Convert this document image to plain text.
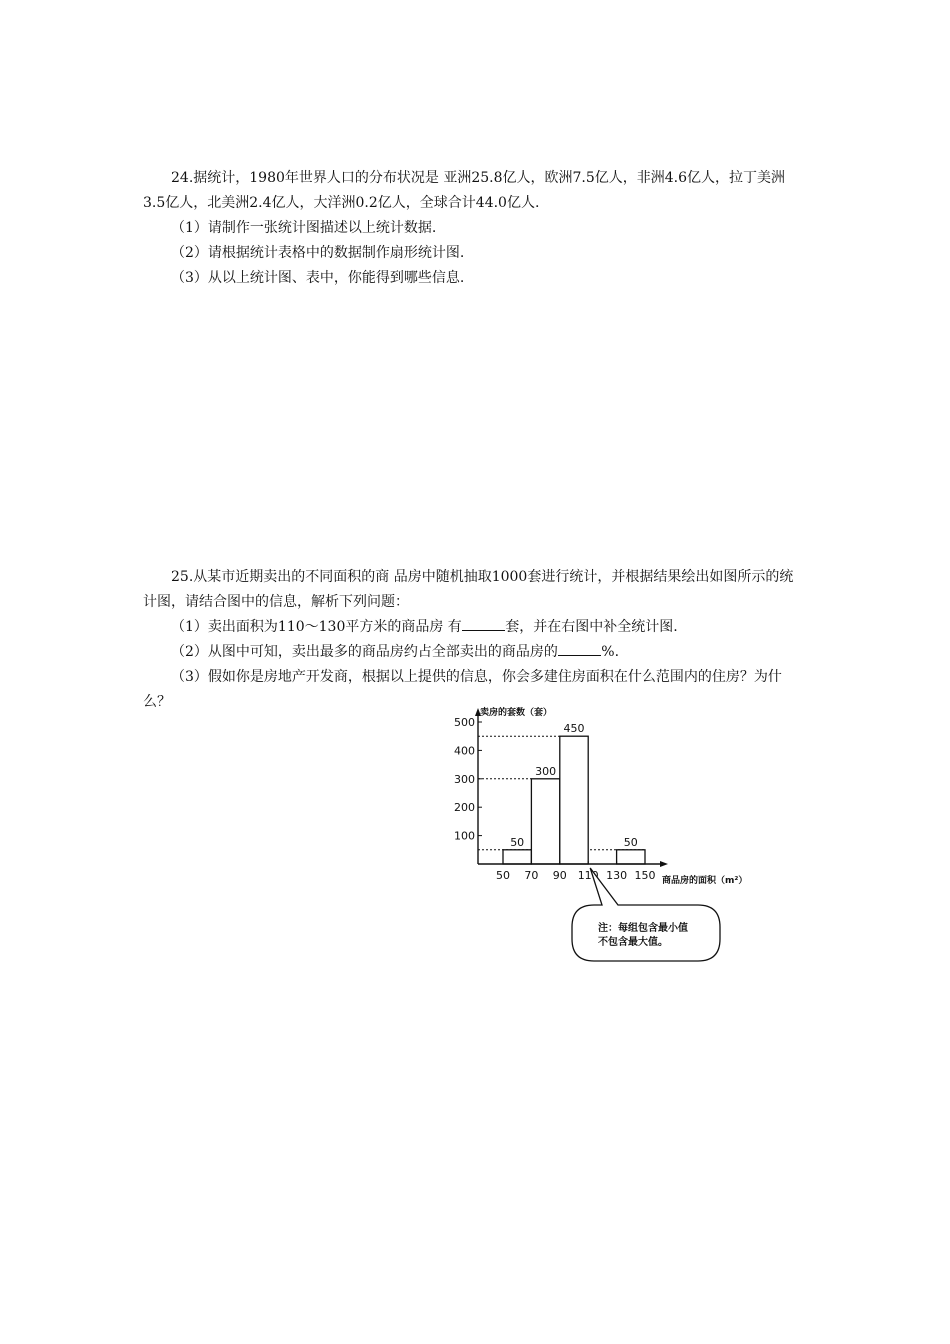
24.据统计，1980年世界人口的分布状况是 亚洲25.8亿人，欧洲7.5亿人，非洲4.6亿人，拉丁美洲3.5亿人，北美洲2.4亿人，大洋洲0.2亿人，全球合计44.0亿人.

（1）请制作一张统计图描述以上统计数据.

（2）请根据统计表格中的数据制作扇形统计图.

（3）从以上统计图、表中，你能得到哪些信息.

25.从某市近期卖出的不同面积的商 品房中随机抽取1000套进行统计，并根据结果绘出如图所示的统计图，请结合图中的信息，解析下列问题：

（1）卖出面积为110～130平方米的商品房 有	套，并在右图中补全统计图.

（2）从图中可知，卖出最多的商品房约占全部卖出的商品房的	%.

（3）假如你是房地产开发商，根据以上提供的信息，你会多建住房面积在什么范围内的住房？为什么？

100
200
300
400
500
50 70 90 110 130 150
50
300
450
50
卖房的套数（套）
商品房的面积（m²）
注：每组包含最小值
不包含最大值。
